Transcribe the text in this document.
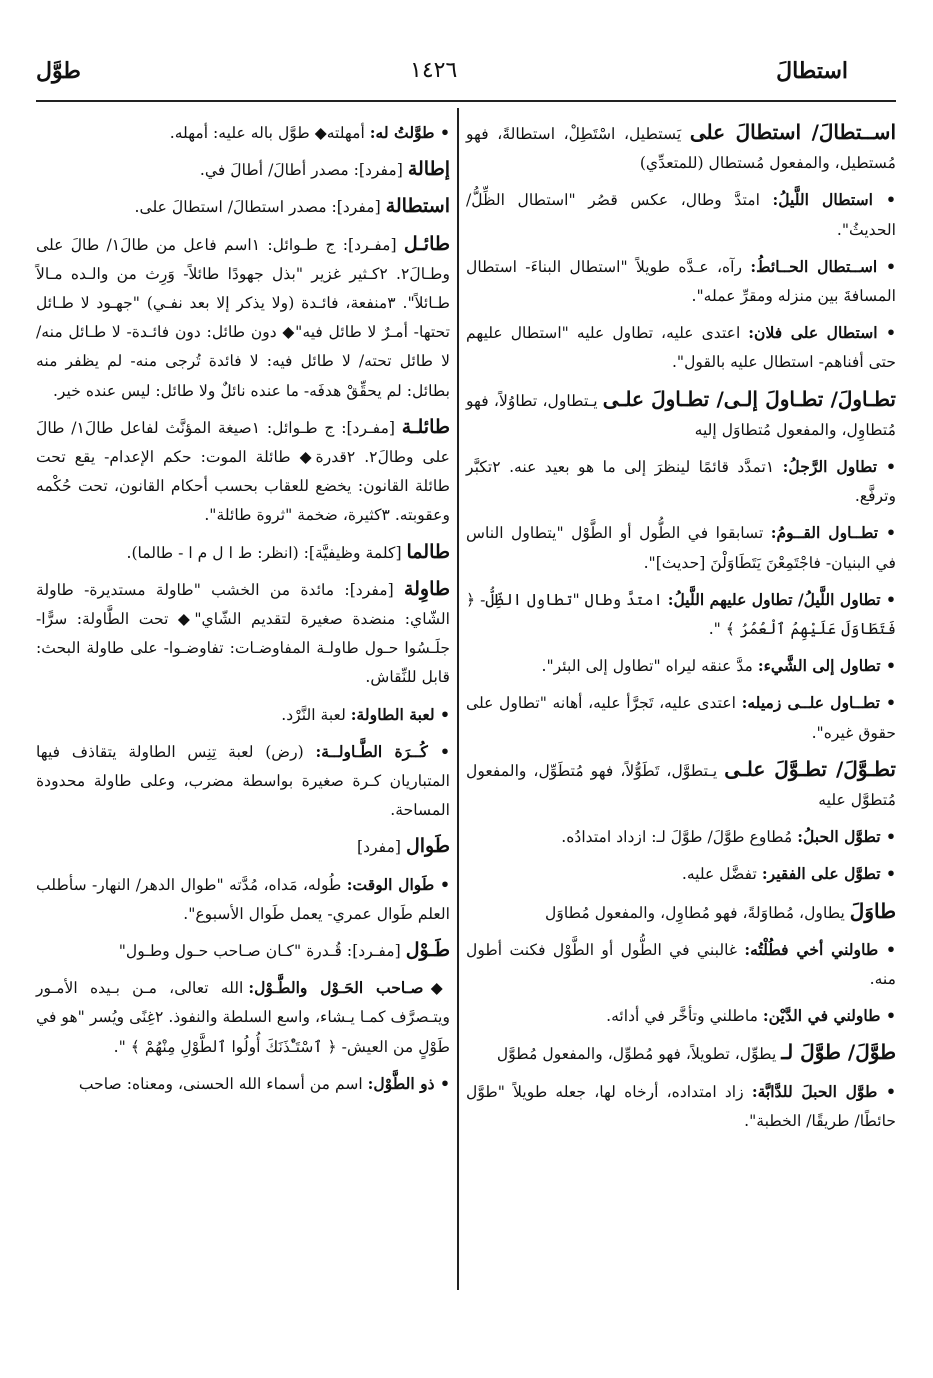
استطالَ
١٤٢٦
طوَّل

اســتطالَ/ استطالَ على يَستطيل، اسْتَطِلْ، استطالةً، فهو مُستطيل، والمفعول مُستطال (للمتعدِّي)

• استطال اللَّيلُ: امتدَّ وطال، عكس قصُر "استطال الظِّلُّ/ الحديثُ".

• اســتطال الحــائطُ: رآه، عـدَّه طويلاً "استطال البناءَ- استطال المسافةَ بين منزله ومقرِّ عمله".

• استطال على فلان: اعتدى عليه، تطاول عليه "استطال عليهم حتى أفناهم- استطال عليه بالقول".

تطـاولَ/ تطـاولَ إلـى/ تطـاولَ علـى يـتطاول، تطاوُلاً، فهو مُتطاوِل، والمفعول مُتطاوَل إليه

• تطاول الرَّجلُ: ١تمدَّد قائمًا لينظرَ إلى ما هو بعيد عنه. ٢تكبَّر وترفَّع.

• تطــاول القــومُ: تسابقوا في الطُّول أو الطَّوْل "يتطاول الناس في البنيان- فاجْتَمِعْنَ يَتَطَاوَلْنَ [حديث]".

• تطاول اللَّيلُ/ تطاول عليهم اللَّيلُ: امتدَّ وطال "تطاول الظِّلُّ- ﴿ فَتَطَاوَلَ عَلَيْهِمُ ٱلْعُمُرُ ﴾ ".

• تطاول إلى الشَّيء: مدَّ عنقه ليراه "تطاول إلى البئر".

• تطــاول علــى زميله: اعتدى عليه، تَجرَّأ عليه، أهانه "تطاول على حقوق غيره".

تطـوَّلَ/ تطـوَّلَ علـى يـتطوَّل، تَطَوُّلاً، فهو مُتطَوِّل، والمفعول مُتطوَّل عليه

• تطوَّل الحبلُ: مُطاوع طوَّلَ/ طوَّلَ لـ: ازداد امتدادُه.

• تطوَّل على الفقير: تفضَّل عليه.

طاوَلَ يطاول، مُطاوَلةً، فهو مُطاوِل، والمفعول مُطاوَل

• طاولني أخي فطُلْتُه: غالبني في الطُّول أو الطَّوْل فكنت أطول منه.

• طاولني في الدَّيْن: ماطلني وتأخَّر في أدائه.

طوَّلَ/ طوَّلَ لـ يطوِّل، تطويلاً، فهو مُطوِّل، والمفعول مُطوَّل

• طوَّل الحبلَ للدَّابَّة: زاد امتداده، أرخاه لها، جعله طويلاً "طوَّل حائطًا/ طريقًا/ الخطبة".

• طوَّلتُ له: أمهلته◆ طوَّل باله عليه: أمهله.

إطالة [مفرد]: مصدر أطالَ/ أطالَ في.

استطالة [مفرد]: مصدر استطالَ/ استطالَ على.

طائـل [مفـرد]: ج طـوائل: ١اسم فاعل من طالَ١/ طالَ على وطـالَ٢. ٢كـثير غزير "بذل جهودًا طائلاً- وَرِث من والـده مـالاً طـائلاً". ٣منفعة، فائـدة (ولا يذكر إلا بعد نفـي) "جهـود لا طـائل تحتها- أمـرٌ لا طائل فيه"◆ دون طائل: دون فائـدة- لا طـائل منه/ لا طائل تحته/ لا طائل فيه: لا فائدة تُرجى منه- لم يظفر منه بطائل: لم يحقِّقْ هدفَه- ما عنده نائلٌ ولا طائل: ليس عنده خير.

طائلـة [مفـرد]: ج طـوائل: ١صيغة المؤنَّث لفاعل طالَ١/ طالَ على وطالَ٢. ٢قدرة◆ طائلة الموت: حكم الإعدام- يقع تحت طائلة القانون: يخضع للعقاب بحسب أحكام القانون، تحت حُكْمه وعقوبته. ٣كثيرة، ضخمة "ثروة طائلة".

طالما [كلمة وظيفيَّة]: (انظر: ط ا ل م ا - طالما).

طاوِلة [مفرد]: مائدة من الخشب "طاولة مستديرة- طاولة الشّاي: منضدة صغيرة لتقديم الشّاي"◆ تحت الطَّاولة: سرًّا- جلَـسُوا حـول طاولـة المفاوضـات: تفاوضـوا- على طاولة البحث: قابل للنِّقاش.

• لعبة الطاولة: لعبة النَّرْد.

• كُــرَة الطَّـاولــة: (رض) لعبة تِنِس الطاولة يتقاذف فيها المتباريان كـرة صغيرة بواسطة مضرب، وعلى طاولة محدودة المساحة.

طَوال [مفرد]

• طَوال الوقت: طُوله، مَداه، مُدَّته "طوال الدهر/ النهار- سأطلب العلم طَوال عمري- يعمل طَوال الأسبوع".

طَـوْل [مفـرد]: قُـدرة "كـان صـاحب حـول وطـول"

◆صـاحب الحَـوْل والطَّـوْل: الله تعالى، مـن بـيده الأمـور ويتـصرَّف كمـا يـشاء، واسع السلطة والنفوذ. ٢غِنًى ويُسر "هو في طَوْلٍ من العيش- ﴿ ٱسْتَـْٔذَنَكَ أُولُوا ٱلطَّوْلِ مِنْهُمْ ﴾ ".

• ذو الطَّوْل: اسم من أسماء الله الحسنى، ومعناه: صاحب
